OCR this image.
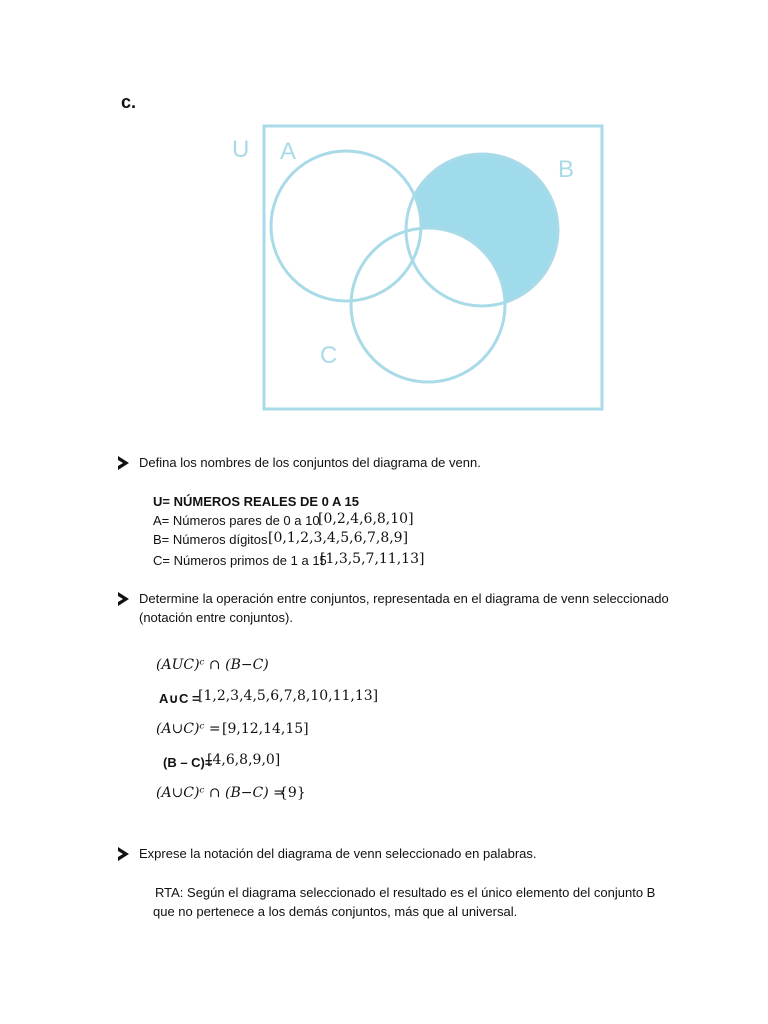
c.
U A
B
C
Defina los nombres de los conjuntos del diagrama de venn.
U= NÚMEROS REALES DE 0 A 15
A= Números pares de 0 a 10
[0,2,4,6,8,10]
B= Números dígitos [0,1,2,3,4,5,6,7,8,9]
C= Números primos de 1 a 15
[1,3,5,7,11,13]
Determine la operación entre conjuntos, representada en el diagrama de venn seleccionado
(notación entre conjuntos).
(AUC)ᶜ ∩ (B−C)
A∪C =
[1,2,3,4,5,6,7,8,10,11,13]
(A∪C)ᶜ = [9,12,14,15]
(B – C)=
[4,6,8,9,0]
(A∪C)ᶜ ∩ (B−C) =
{9}
Exprese la notación del diagrama de venn seleccionado en palabras.
RTA: Según el diagrama seleccionado el resultado es el único elemento del conjunto B
que no pertenece a los demás conjuntos, más que al universal.
